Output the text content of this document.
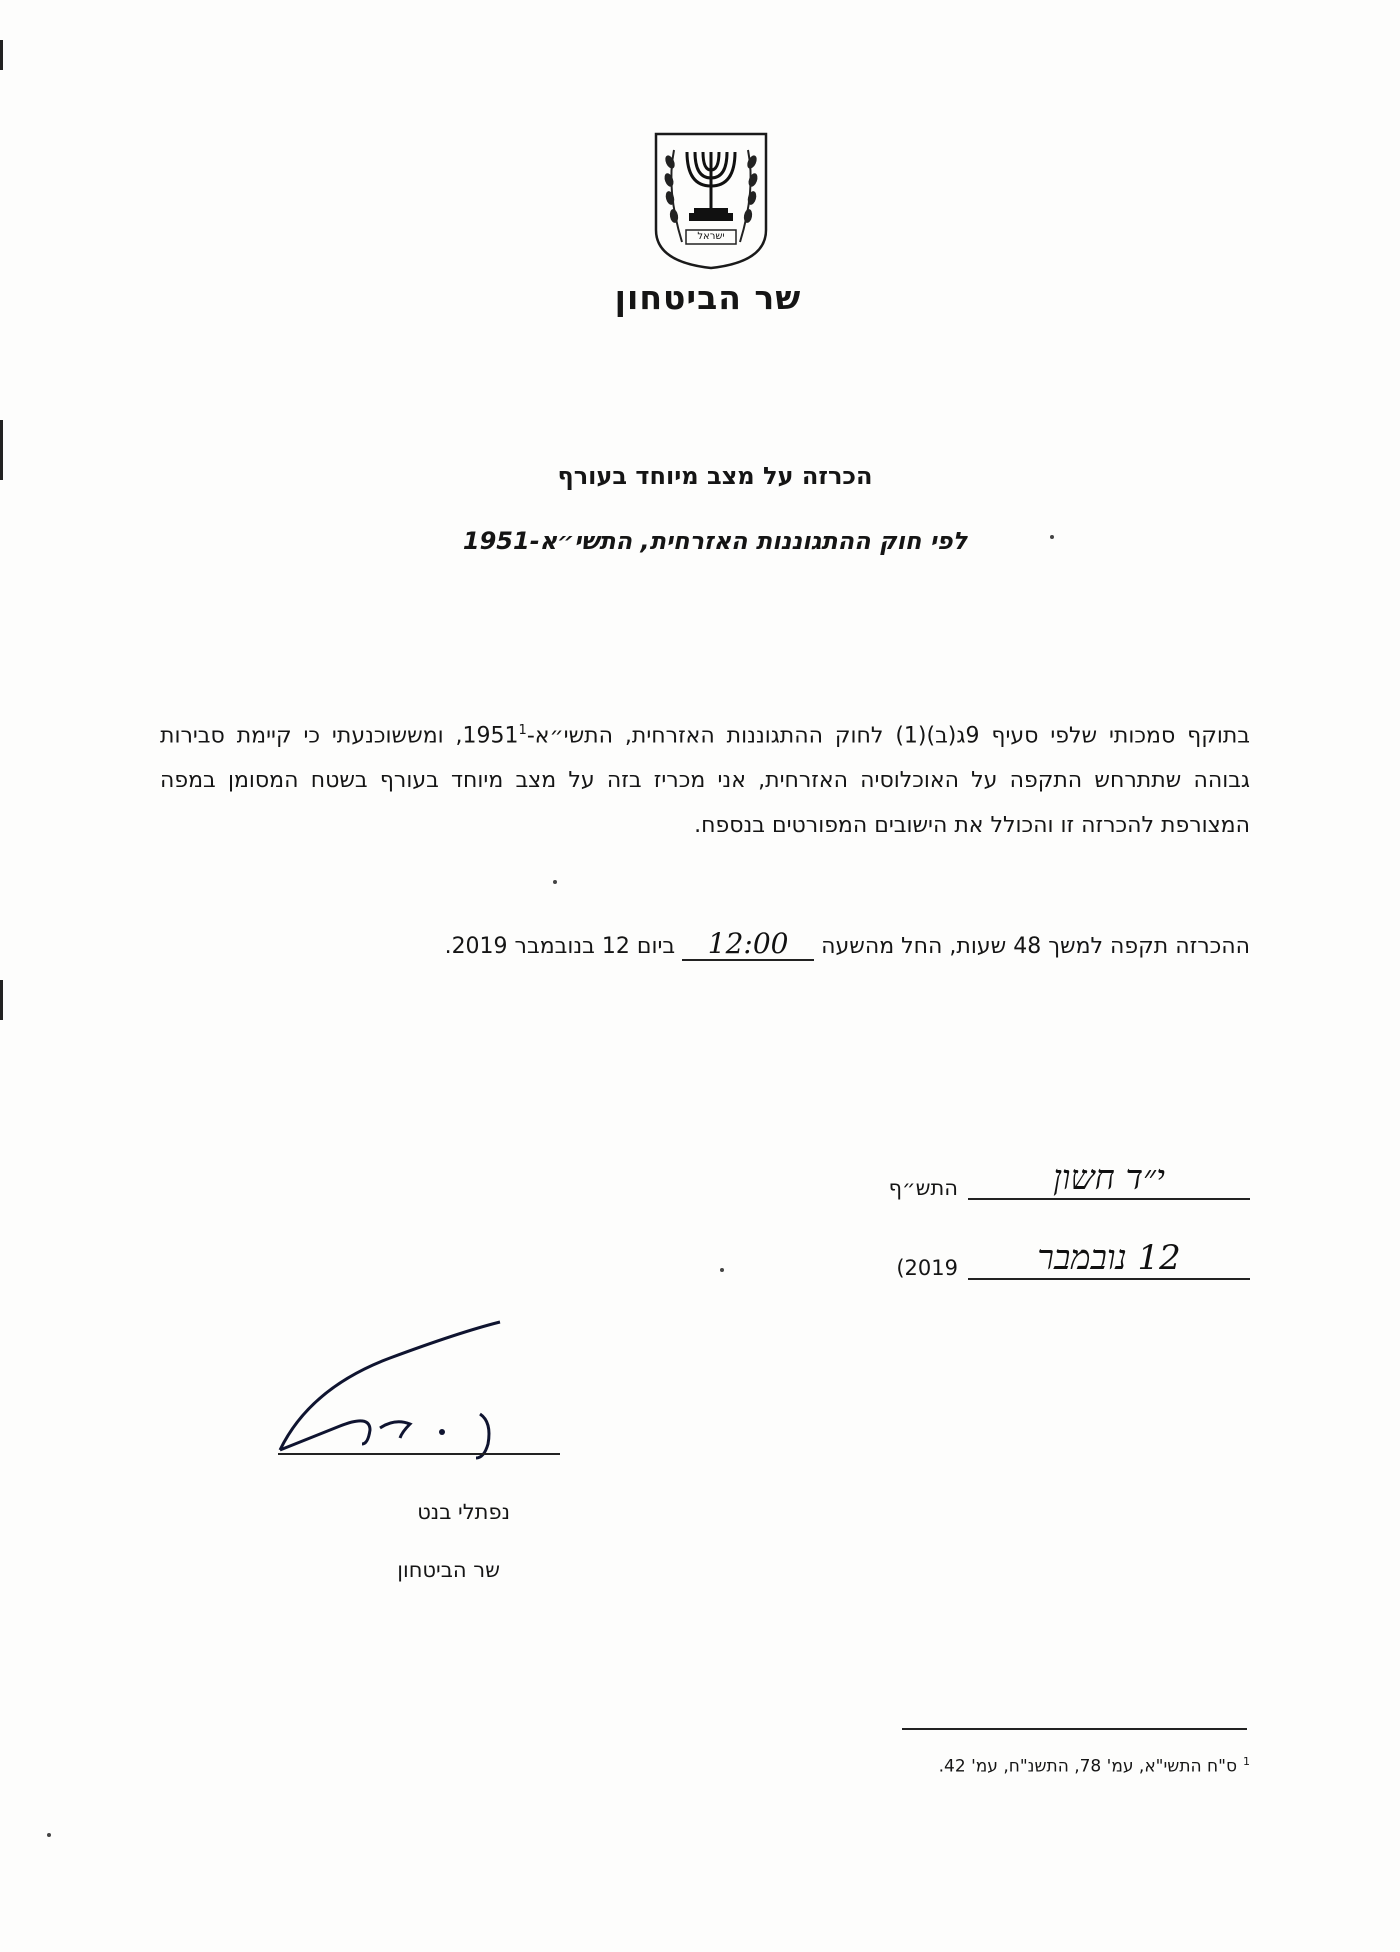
ישראל
שר הביטחון
הכרזה על מצב מיוחד בעורף
לפי חוק ההתגוננות האזרחית, התשי״א-1951
בתוקף סמכותי שלפי סעיף 9ג(ב)(1) לחוק ההתגוננות האזרחית, התשי״א-1951$^1$, ומששוכנעתי כי קיימת סבירות גבוהה שתתרחש התקפה על האוכלוסיה האזרחית, אני מכריז בזה על מצב מיוחד בעורף בשטח המסומן במפה המצורפת להכרזה זו והכולל את הישובים המפורטים בנספח.
ההכרזה תקפה למשך 48 שעות, החל מהשעה 12:00 ביום 12 בנובמבר 2019.
י״ד חשון
התש״ף
12 נובמבר
(2019
נפתלי בנט
שר הביטחון
$^1$ס"ח התשי"א, עמ' 78, התשנ"ח, עמ' 42.
